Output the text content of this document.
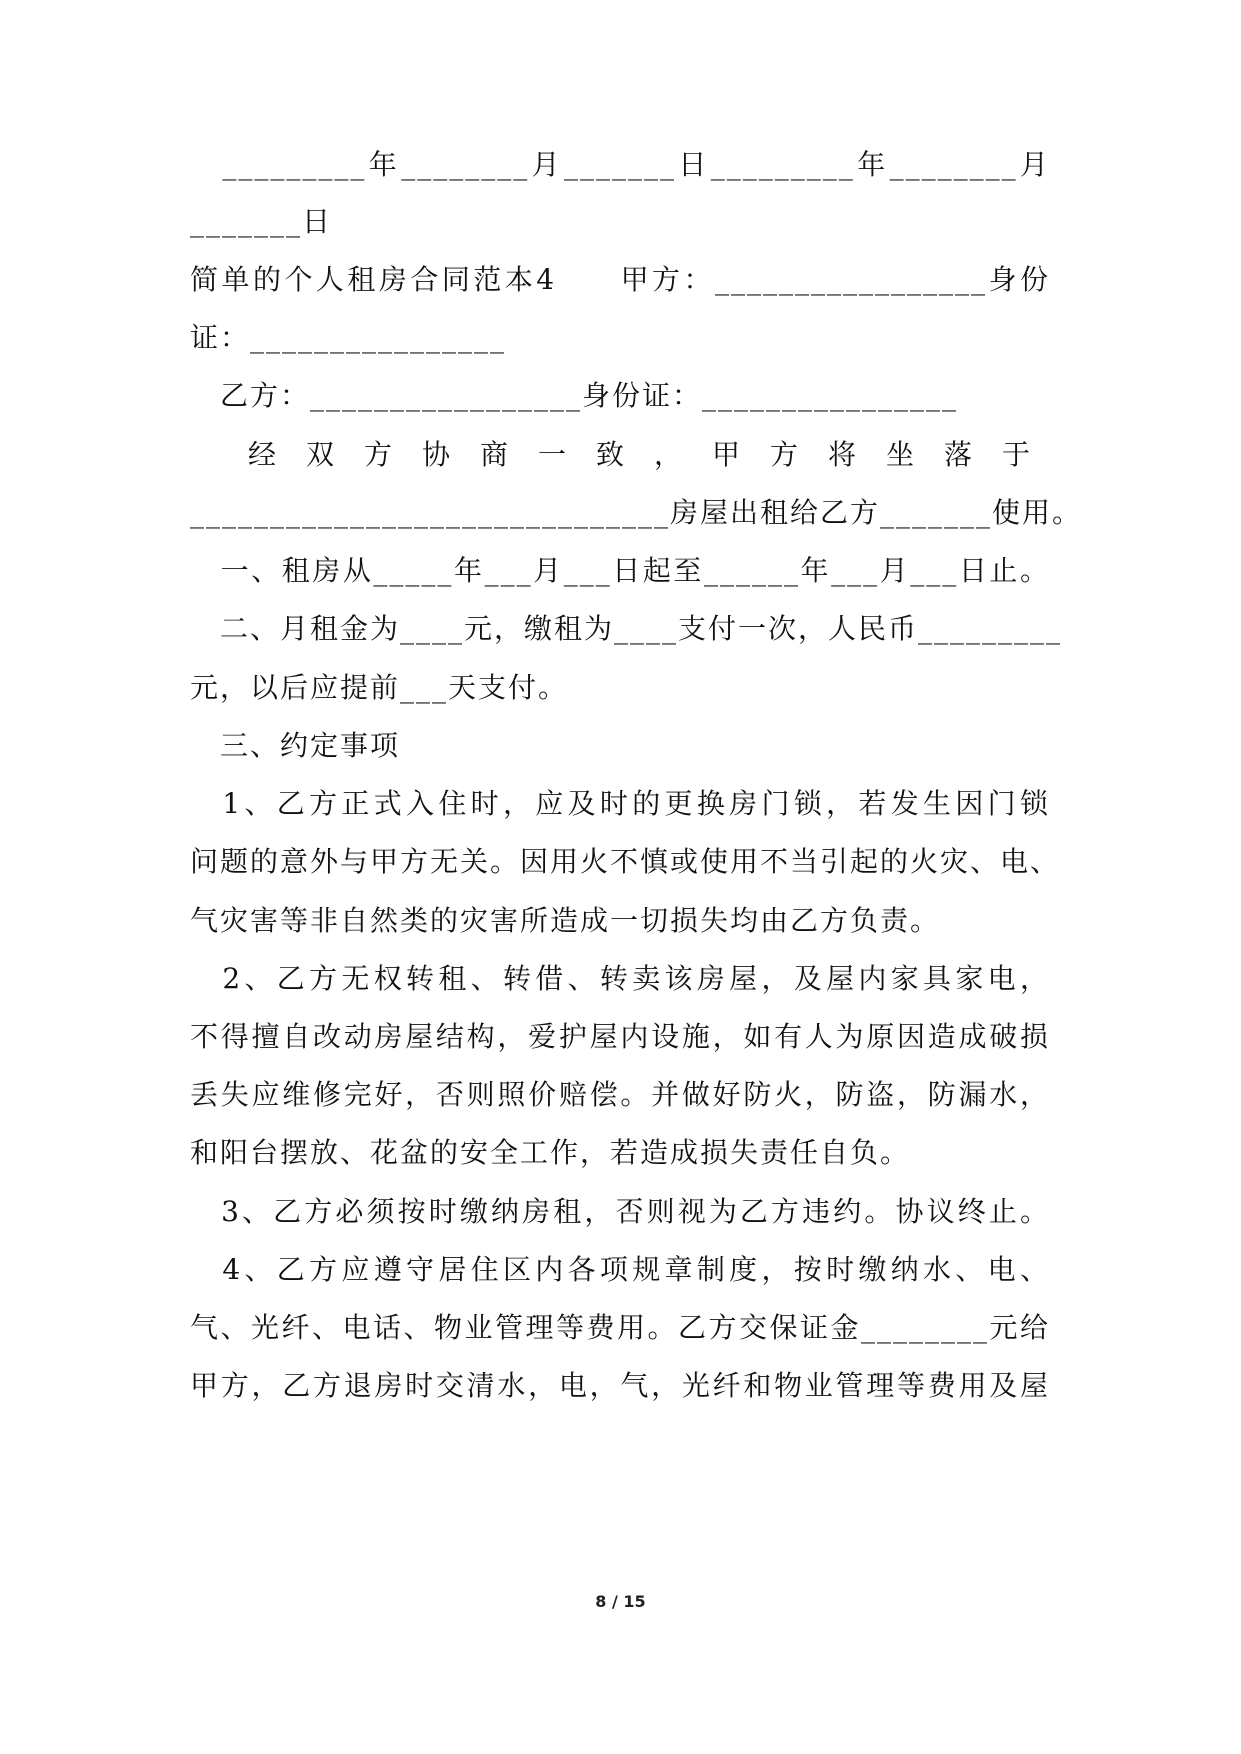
　_________年________月_______日_________年________月
_______日
简单的个人租房合同范本4　　甲方：_________________身份
证：________________
　乙方：_________________身份证：________________
　经双方协商一致，甲方将坐落于
______________________________房屋出租给乙方_______使用。
　一、租房从_____年___月___日起至______年___月___日止。
　二、月租金为____元，缴租为____支付一次，人民币_________
元，以后应提前___天支付。
　三、约定事项
　1、乙方正式入住时，应及时的更换房门锁，若发生因门锁
问题的意外与甲方无关。因用火不慎或使用不当引起的火灾、电、
气灾害等非自然类的灾害所造成一切损失均由乙方负责。
　2、乙方无权转租、转借、转卖该房屋，及屋内家具家电，
不得擅自改动房屋结构，爱护屋内设施，如有人为原因造成破损
丢失应维修完好，否则照价赔偿。并做好防火，防盗，防漏水，
和阳台摆放、花盆的安全工作，若造成损失责任自负。
　3、乙方必须按时缴纳房租，否则视为乙方违约。协议终止。
　4、乙方应遵守居住区内各项规章制度，按时缴纳水、电、
气、光纤、电话、物业管理等费用。乙方交保证金________元给
甲方，乙方退房时交清水，电，气，光纤和物业管理等费用及屋
8 / 15
